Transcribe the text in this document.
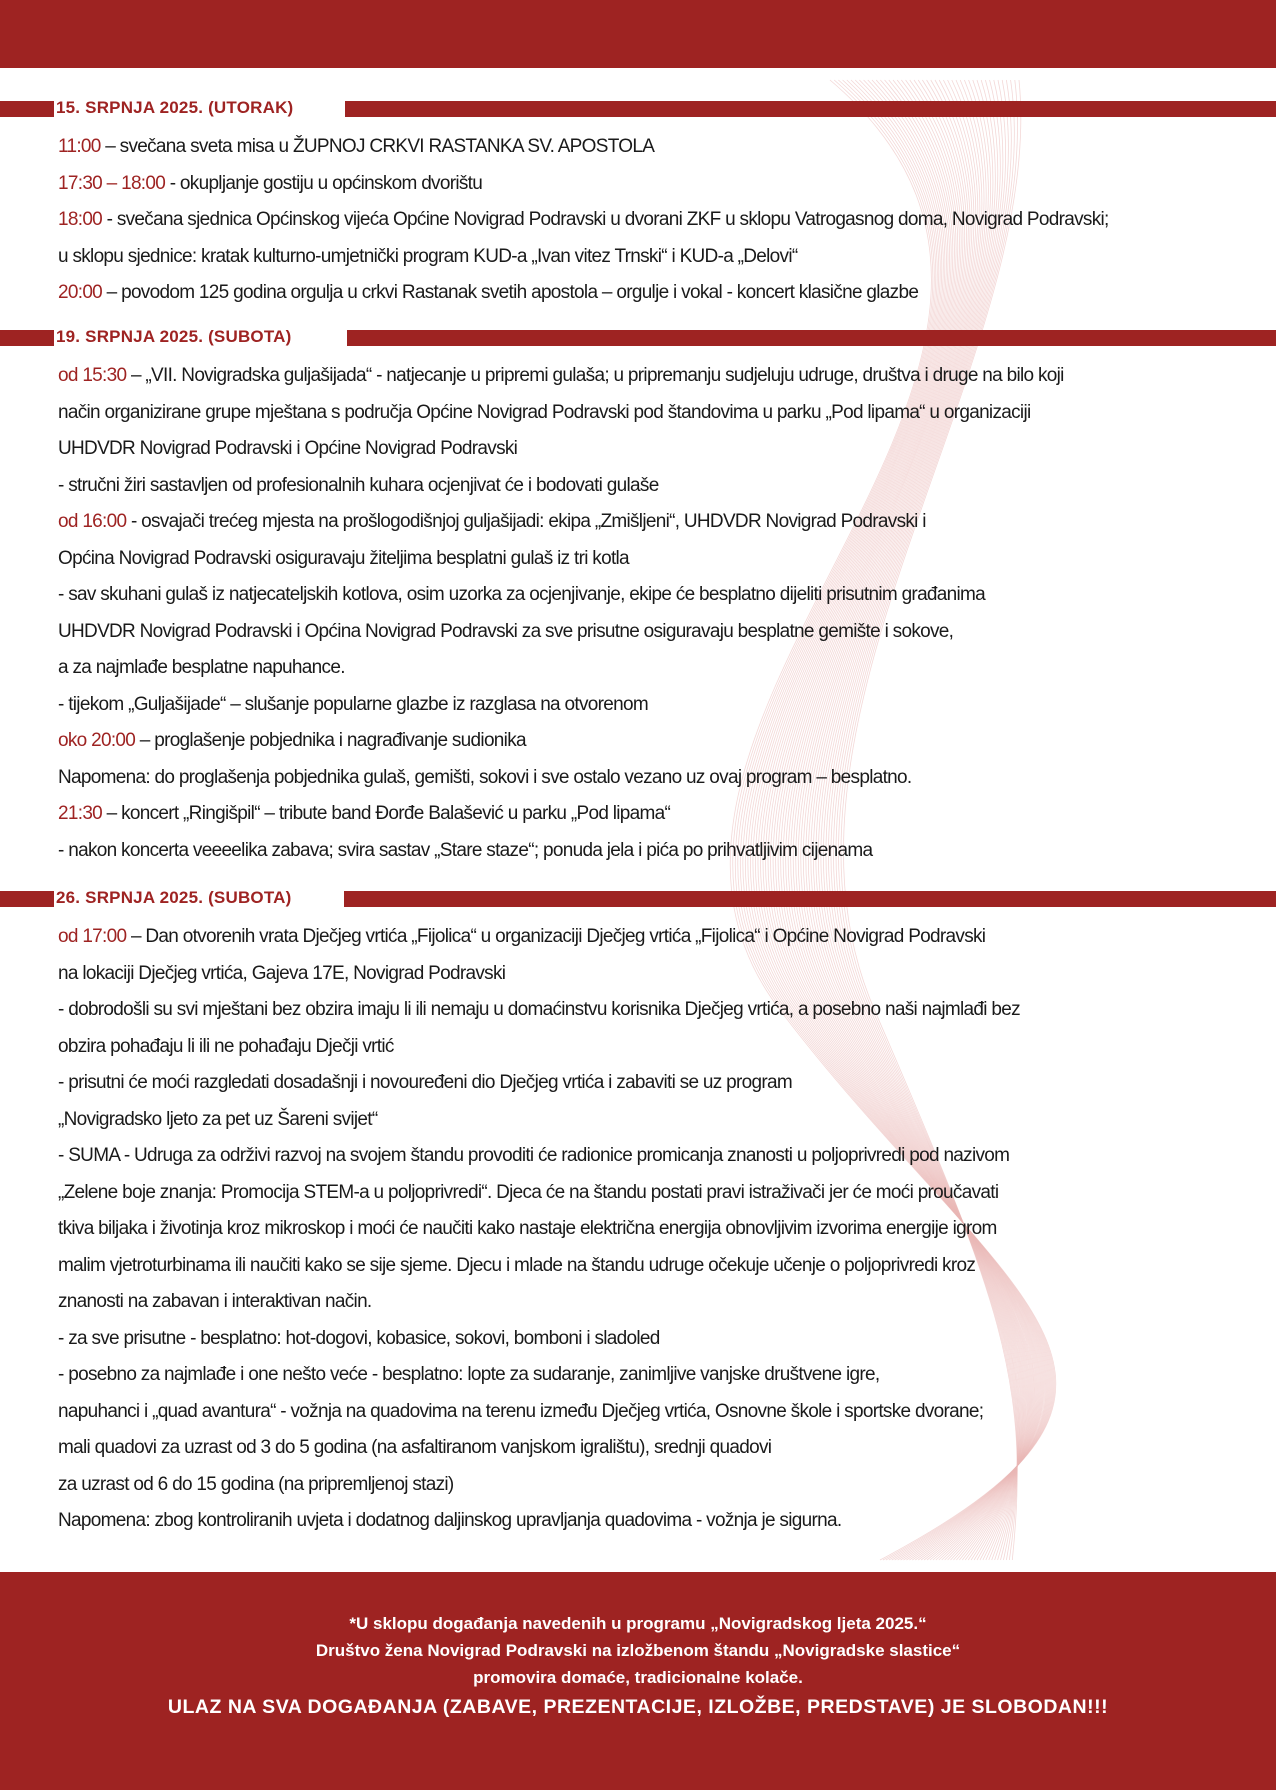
15. SRPNJA 2025. (UTORAK)
11:00 – svečana sveta misa u ŽUPNOJ CRKVI RASTANKA SV. APOSTOLA
17:30 – 18:00 - okupljanje gostiju u općinskom dvorištu
18:00 - svečana sjednica Općinskog vijeća Općine Novigrad Podravski u dvorani ZKF u sklopu Vatrogasnog doma, Novigrad Podravski;
u sklopu sjednice: kratak kulturno-umjetnički program KUD-a „Ivan vitez Trnski“ i KUD-a „Delovi“
20:00 – povodom 125 godina orgulja u crkvi Rastanak svetih apostola – orgulje i vokal - koncert klasične glazbe
19. SRPNJA 2025. (SUBOTA)
od 15:30 – „VII. Novigradska guljašijada“ - natjecanje u pripremi gulaša; u pripremanju sudjeluju udruge, društva i druge na bilo koji
način organizirane grupe mještana s područja Općine Novigrad Podravski pod štandovima u parku „Pod lipama“ u organizaciji
UHDVDR Novigrad Podravski i Općine Novigrad Podravski
- stručni žiri sastavljen od profesionalnih kuhara ocjenjivat će i bodovati gulaše
od 16:00 - osvajači trećeg mjesta na prošlogodišnjoj guljašijadi: ekipa „Zmišljeni“, UHDVDR Novigrad Podravski i
Općina Novigrad Podravski osiguravaju žiteljima besplatni gulaš iz tri kotla
- sav skuhani gulaš iz natjecateljskih kotlova, osim uzorka za ocjenjivanje, ekipe će besplatno dijeliti prisutnim građanima
UHDVDR Novigrad Podravski i Općina Novigrad Podravski za sve prisutne osiguravaju besplatne gemište i sokove,
a za najmlađe besplatne napuhance.
- tijekom „Guljašijade“ – slušanje popularne glazbe iz razglasa na otvorenom
oko 20:00 – proglašenje pobjednika i nagrađivanje sudionika
Napomena: do proglašenja pobjednika gulaš, gemišti, sokovi i sve ostalo vezano uz ovaj program – besplatno.
21:30 – koncert „Ringišpil“ – tribute band Đorđe Balašević u parku „Pod lipama“
- nakon koncerta veeeelika zabava; svira sastav „Stare staze“; ponuda jela i pića po prihvatljivim cijenama
26. SRPNJA 2025. (SUBOTA)
od 17:00 – Dan otvorenih vrata Dječjeg vrtića „Fijolica“ u organizaciji Dječjeg vrtića „Fijolica“ i Općine Novigrad Podravski
na lokaciji Dječjeg vrtića, Gajeva 17E, Novigrad Podravski
- dobrodošli su svi mještani bez obzira imaju li ili nemaju u domaćinstvu korisnika Dječjeg vrtića, a posebno naši najmlađi bez
obzira pohađaju li ili ne pohađaju Dječji vrtić
- prisutni će moći razgledati dosadašnji i novouređeni dio Dječjeg vrtića i zabaviti se uz program
„Novigradsko ljeto za pet uz Šareni svijet“
- SUMA - Udruga za održivi razvoj na svojem štandu provoditi će radionice promicanja znanosti u poljoprivredi pod nazivom
„Zelene boje znanja: Promocija STEM-a u poljoprivredi“. Djeca će na štandu postati pravi istraživači jer će moći proučavati
tkiva biljaka i životinja kroz mikroskop i moći će naučiti kako nastaje električna energija obnovljivim izvorima energije igrom
malim vjetroturbinama ili naučiti kako se sije sjeme. Djecu i mlade na štandu udruge očekuje učenje o poljoprivredi kroz
znanosti na zabavan i interaktivan način.
- za sve prisutne - besplatno: hot-dogovi, kobasice, sokovi, bomboni i sladoled
- posebno za najmlađe i one nešto veće - besplatno: lopte za sudaranje, zanimljive vanjske društvene igre,
napuhanci i „quad avantura“ - vožnja na quadovima na terenu između Dječjeg vrtića, Osnovne škole i sportske dvorane;
mali quadovi za uzrast od 3 do 5 godina (na asfaltiranom vanjskom igralištu), srednji quadovi
za uzrast od 6 do 15 godina (na pripremljenoj stazi)
Napomena: zbog kontroliranih uvjeta i dodatnog daljinskog upravljanja quadovima - vožnja je sigurna.
*U sklopu događanja navedenih u programu „Novigradskog ljeta 2025.“
Društvo žena Novigrad Podravski na izložbenom štandu „Novigradske slastice“
promovira domaće, tradicionalne kolače.
ULAZ NA SVA DOGAĐANJA (ZABAVE, PREZENTACIJE, IZLOŽBE, PREDSTAVE) JE SLOBODAN!!!
